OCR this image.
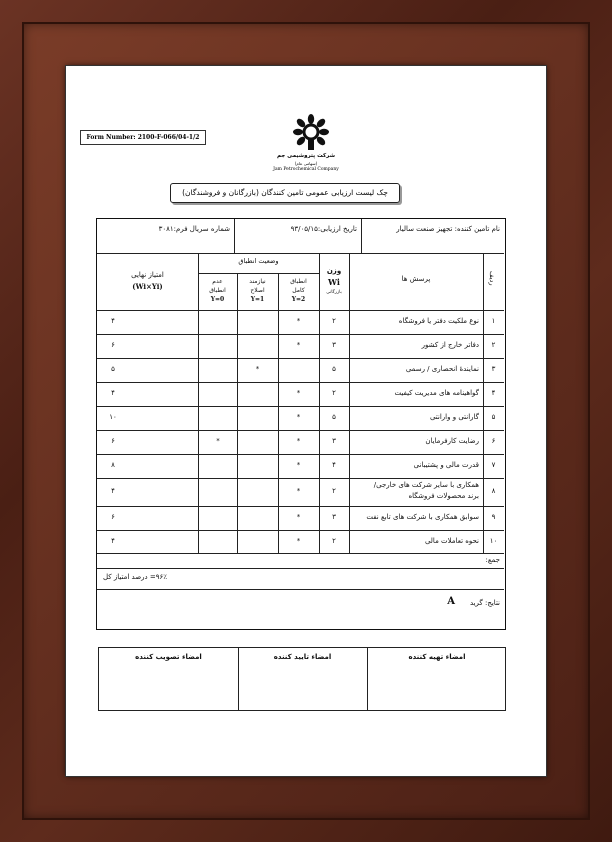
Form Number: 2100-F-066/04-1/2
شرکت پتروشیمی جم
(سهامی عام)
Jam Petrochemical Company
چک لیست ارزیابی عمومی تامین کنندگان (بازرگانان و فروشندگان)
نام تامین کننده: تجهیز صنعت ساليار
تاریخ ارزیابی:۹۳/۰۵/۱۵
شماره سریال فرم:۳۰۸۱
ردیف
پرسش ها
وزن
Wi
بازرگانی
وضعیت انطباق
انطباق
کامل
Y=2
نیازمند
اصلاح
Y=1
عدم
انطباق
Y=0
امتیاز نهایی
(Wi×Yi)
۱
نوع ملکیت دفتر یا فروشگاه
۲
*
۴
۲
دفاتر خارج از کشور
۳
*
۶
۳
نمایندۀ انحصاری / رسمی
۵
*
۵
۴
گواهینامه های مدیریت کیفیت
۲
*
۴
۵
گارانتی و وارانتی
۵
*
۱۰
۶
رضایت کارفرمایان
۳
*
*
۶
۷
قدرت مالی و پشتیبانی
۴
*
۸
۸
همکاری با سایر شرکت های خارجی/
برند محصولات فروشگاه
۲
*
۴
۹
سوابق همکاری با شرکت های تابع نفت
۳
*
۶
۱۰
نحوه تعاملات مالی
۲
*
۴
جمع:
۹۶٪= درصد امتیاز کل
نتایج: گرید
A
امضاء تهیه کننده
امضاء تایید کننده
امضاء تصویب کننده
